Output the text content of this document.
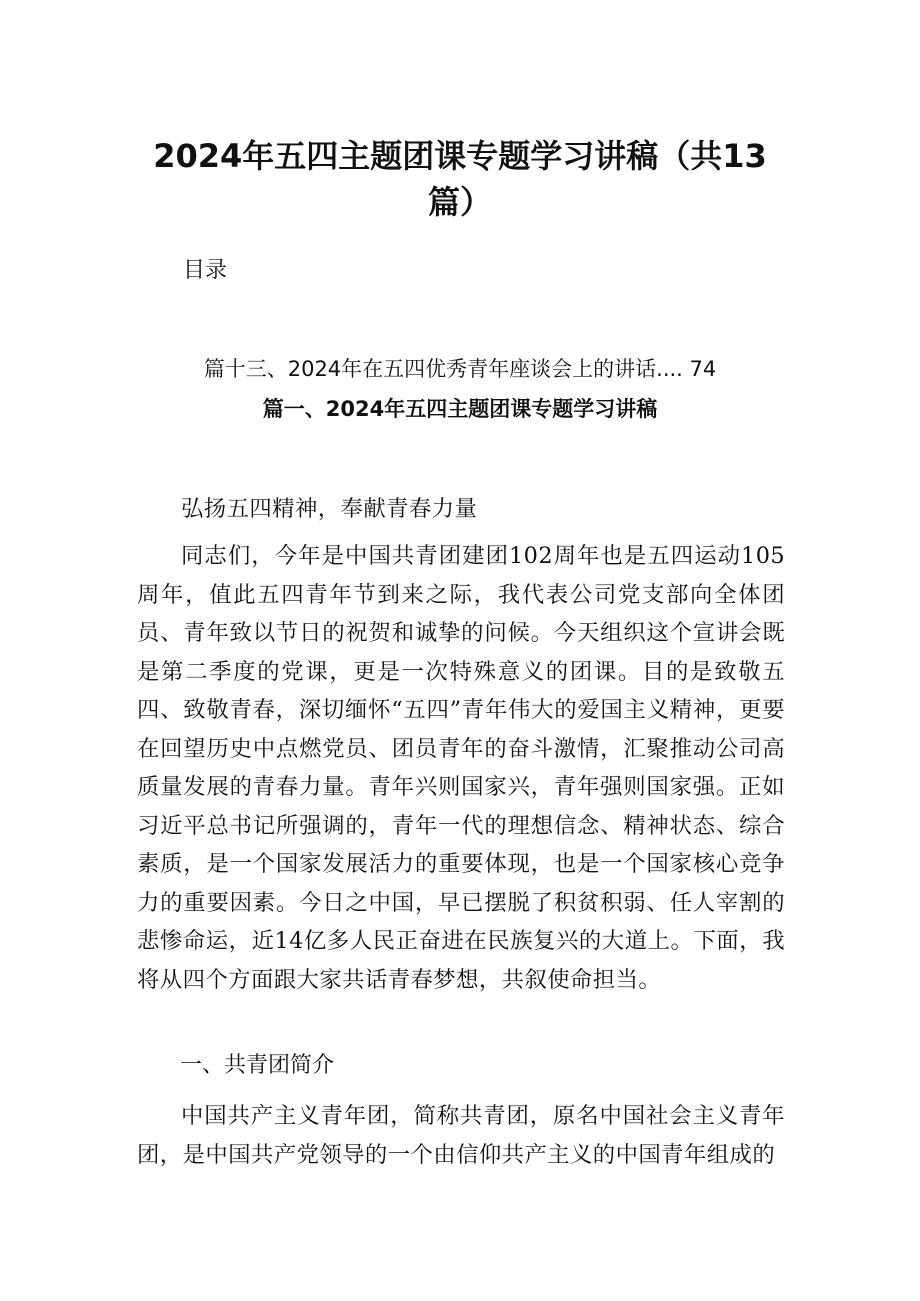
2024年五四主题团课专题学习讲稿（共13
篇）
目录
篇十三、2024年在五四优秀青年座谈会上的讲话.... 74
篇一、2024年五四主题团课专题学习讲稿
弘扬五四精神，奉献青春力量
同志们，今年是中国共青团建团102周年也是五四运动105周年，值此五四青年节到来之际，我代表公司党支部向全体团员、青年致以节日的祝贺和诚挚的问候。今天组织这个宣讲会既是第二季度的党课，更是一次特殊意义的团课。目的是致敬五四、致敬青春，深切缅怀“五四”青年伟大的爱国主义精神，更要在回望历史中点燃党员、团员青年的奋斗激情，汇聚推动公司高质量发展的青春力量。青年兴则国家兴，青年强则国家强。正如习近平总书记所强调的，青年一代的理想信念、精神状态、综合素质，是一个国家发展活力的重要体现，也是一个国家核心竞争力的重要因素。今日之中国，早已摆脱了积贫积弱、任人宰割的悲惨命运，近14亿多人民正奋进在民族复兴的大道上。下面，我将从四个方面跟大家共话青春梦想，共叙使命担当。
一、共青团简介
中国共产主义青年团，简称共青团，原名中国社会主义青年团，是中国共产党领导的一个由信仰共产主义的中国青年组成的
